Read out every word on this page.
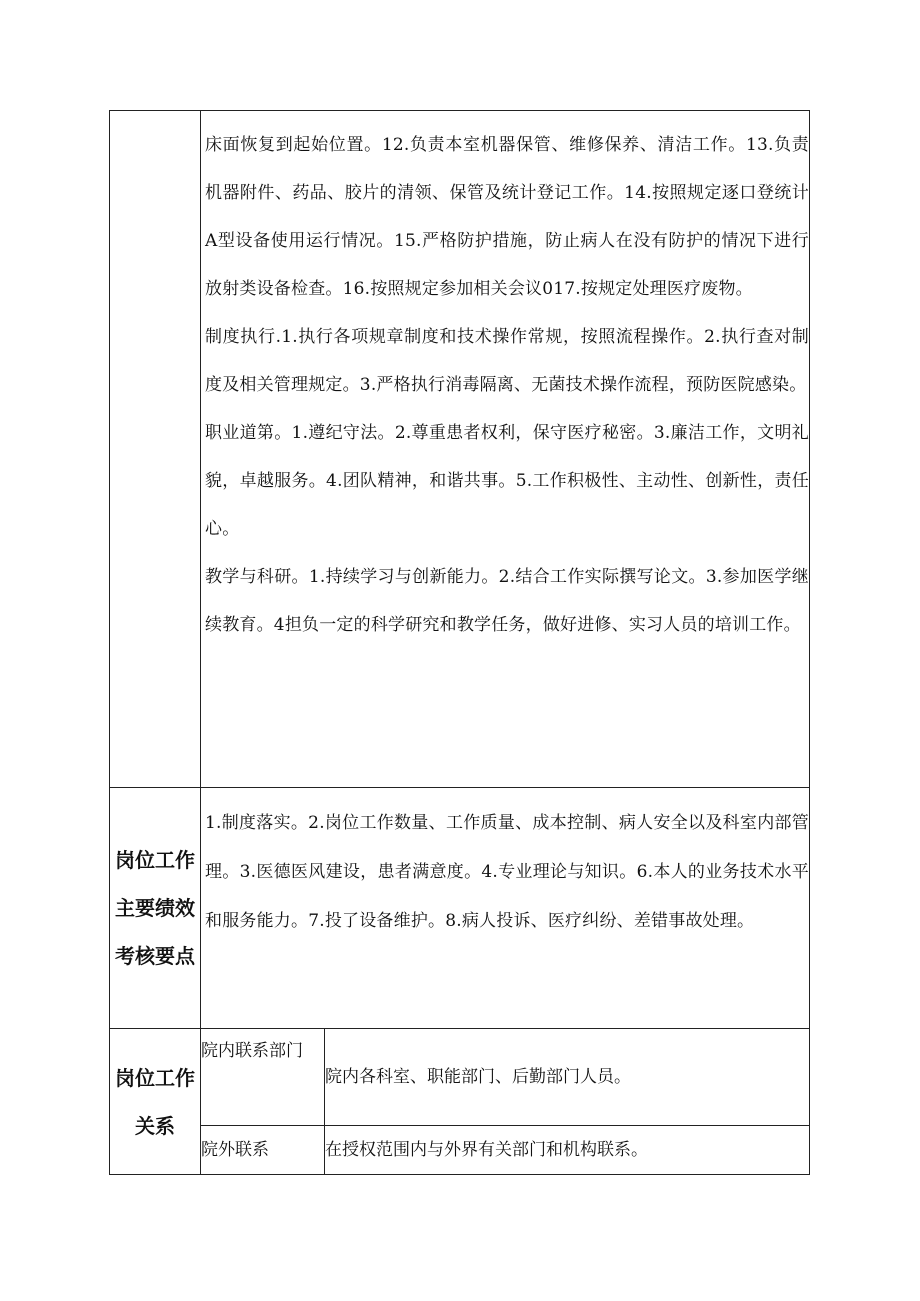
	床面恢复到起始位置。12.负责本室机器保管、维修保养、清洁工作。13.负责机器附件、药品、胶片的清领、保管及统计登记工作。14.按照规定逐口登统计A型设备使用运行情况。15.严格防护措施，防止病人在没有防护的情况下进行放射类设备检查。16.按照规定参加相关会议017.按规定处理医疗废物。
制度执行.1.执行各项规章制度和技术操作常规，按照流程操作。2.执行查对制度及相关管理规定。3.严格执行消毒隔离、无菌技术操作流程，预防医院感染。
职业道第。1.遵纪守法。2.尊重患者权利，保守医疗秘密。3.廉洁工作，文明礼貌，卓越服务。4.团队精神，和谐共事。5.工作积极性、主动性、创新性，责任心。
教学与科研。1.持续学习与创新能力。2.结合工作实际撰写论文。3.参加医学继续教育。4担负一定的科学研究和教学任务，做好进修、实习人员的培训工作。	

岗位工作主要绩效考核要点	1.制度落实。2.岗位工作数量、工作质量、成本控制、病人安全以及科室内部管理。3.医德医风建设，患者满意度。4.专业理论与知识。6.本人的业务技术水平和服务能力。7.投了设备维护。8.病人投诉、医疗纠纷、差错事故处理。	

岗位工作关系	院内联系部门	院内各科室、职能部门、后勤部门人员。
	院外联系	在授权范围内与外界有关部门和机构联系。
